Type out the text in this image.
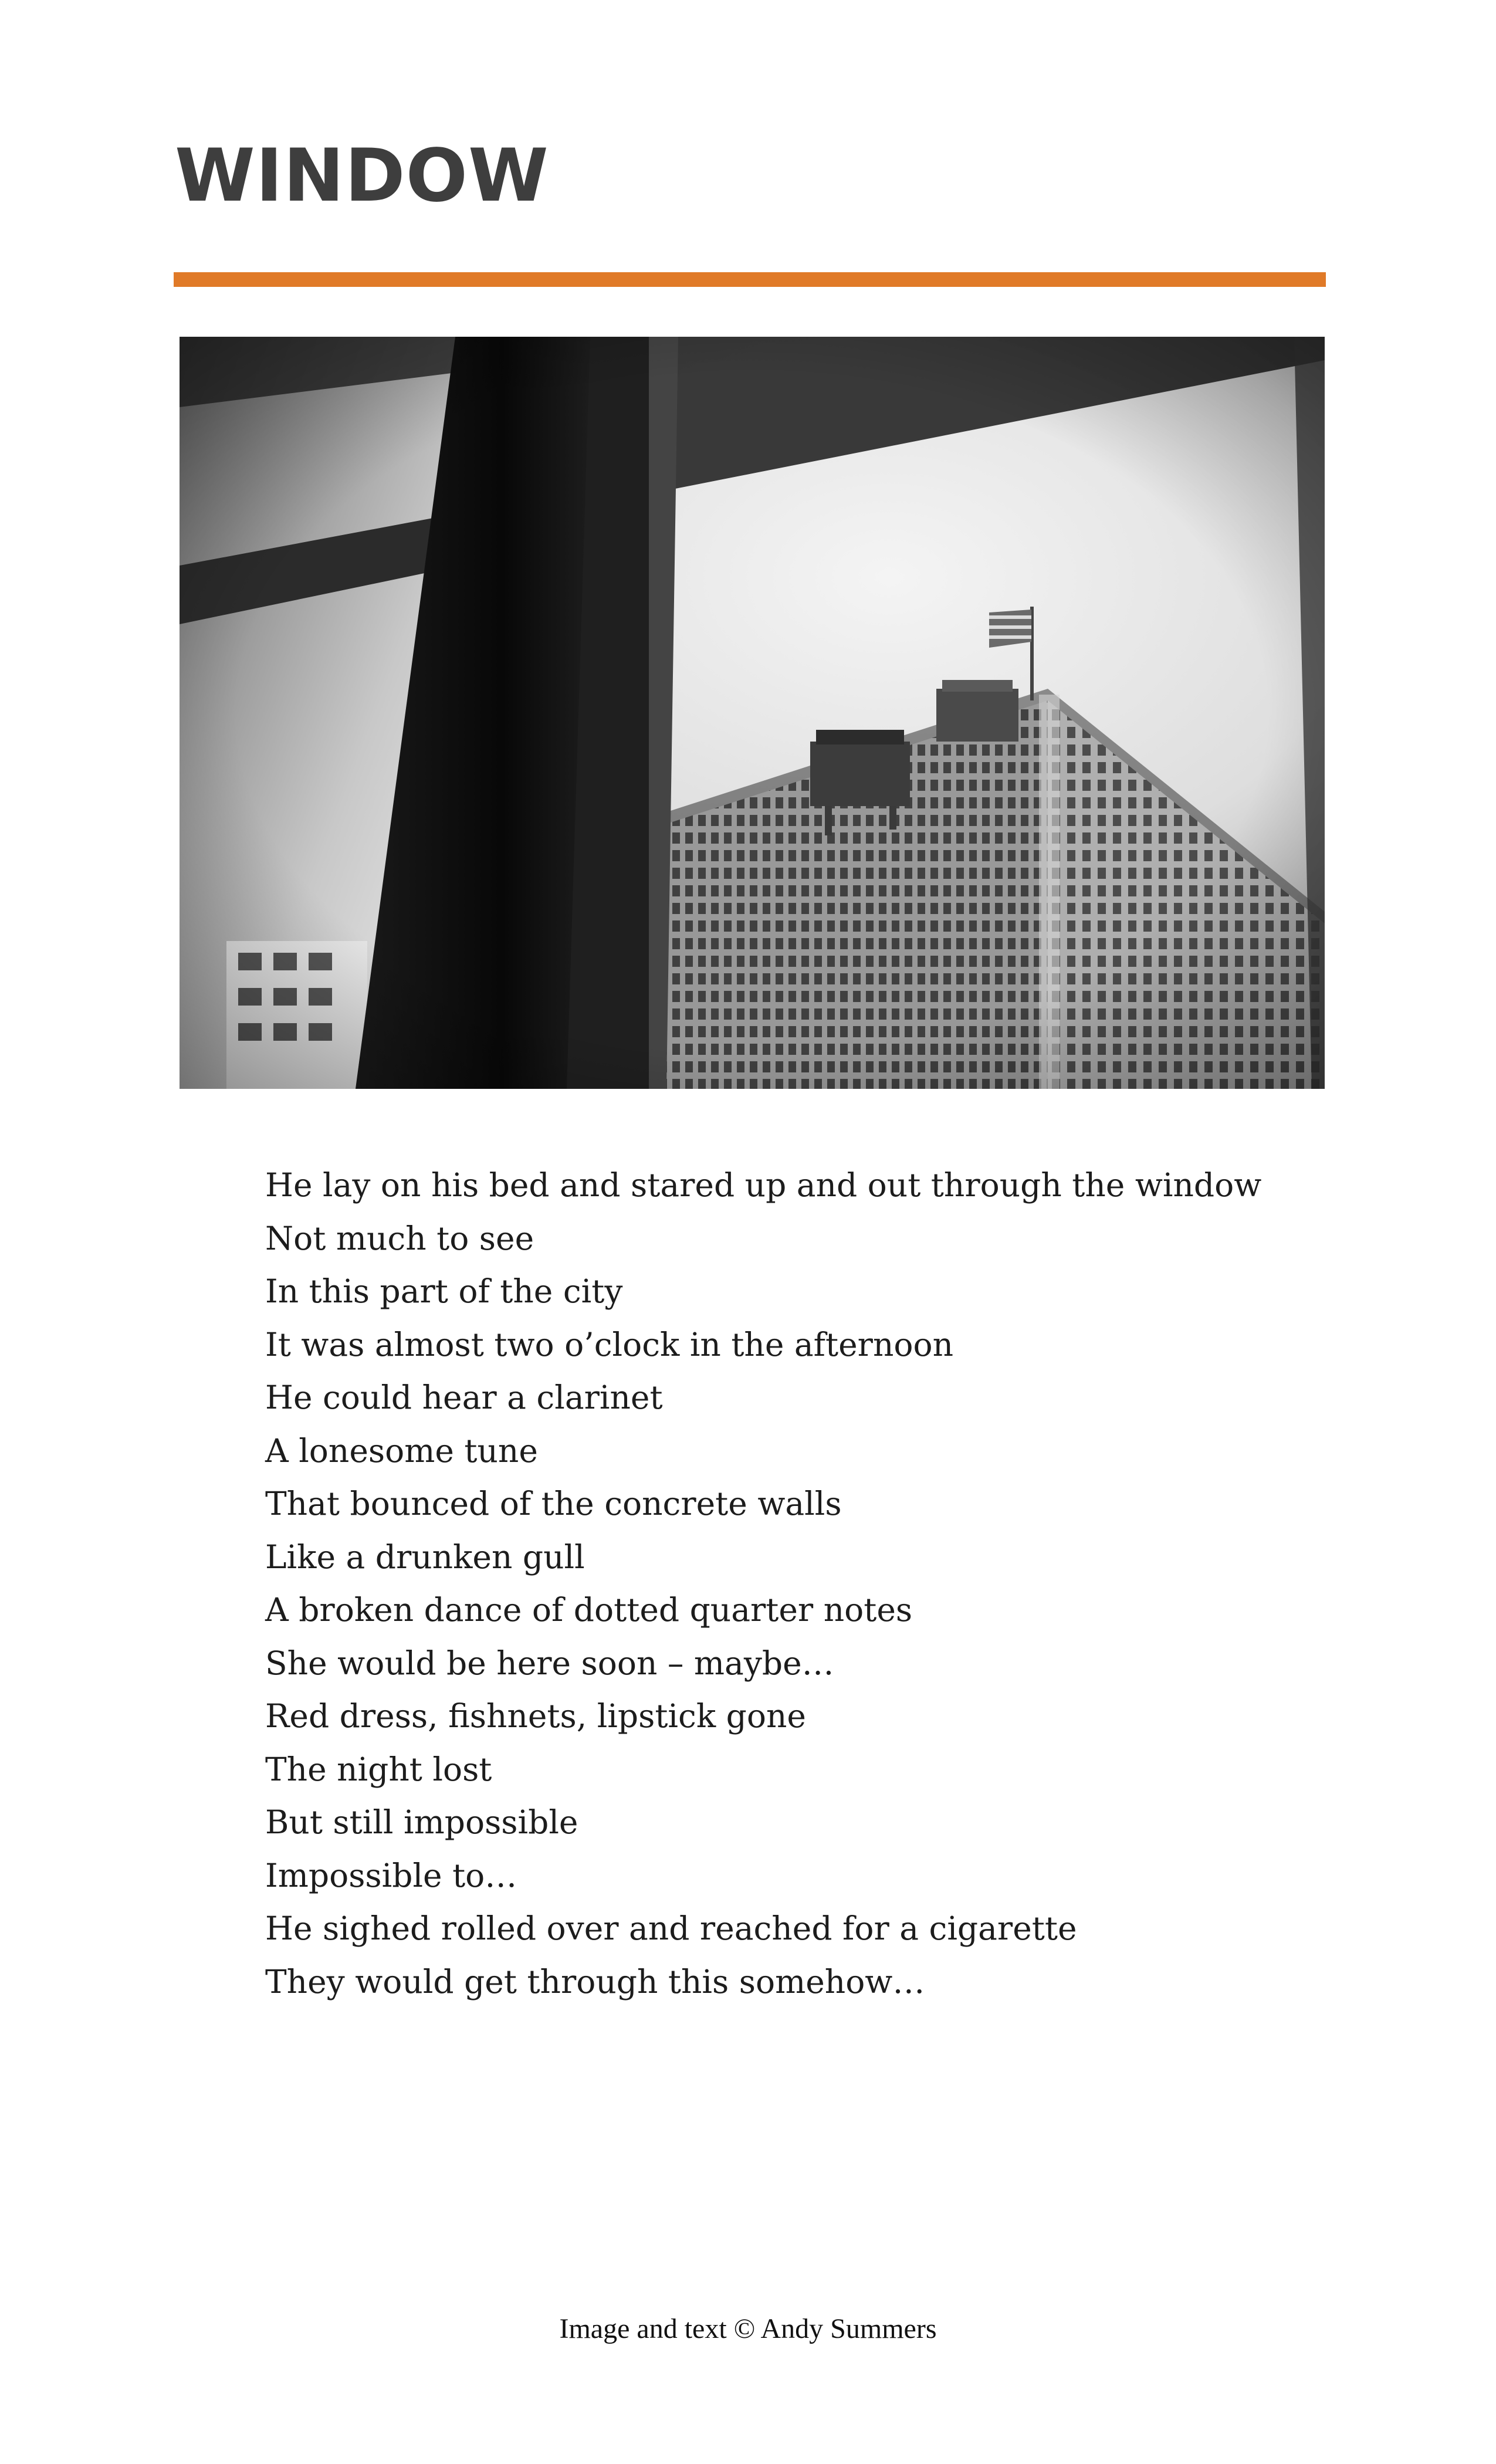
WINDOW
He lay on his bed and stared up and out through the window
Not much to see
In this part of the city
It was almost two o’clock in the afternoon
He could hear a clarinet
A lonesome tune
That bounced of the concrete walls
Like a drunken gull
A broken dance of dotted quarter notes
She would be here soon – maybe…
Red dress, fishnets, lipstick gone
The night lost
But still impossible
Impossible to…
He sighed rolled over and reached for a cigarette
They would get through this somehow…
Image and text © Andy Summers
